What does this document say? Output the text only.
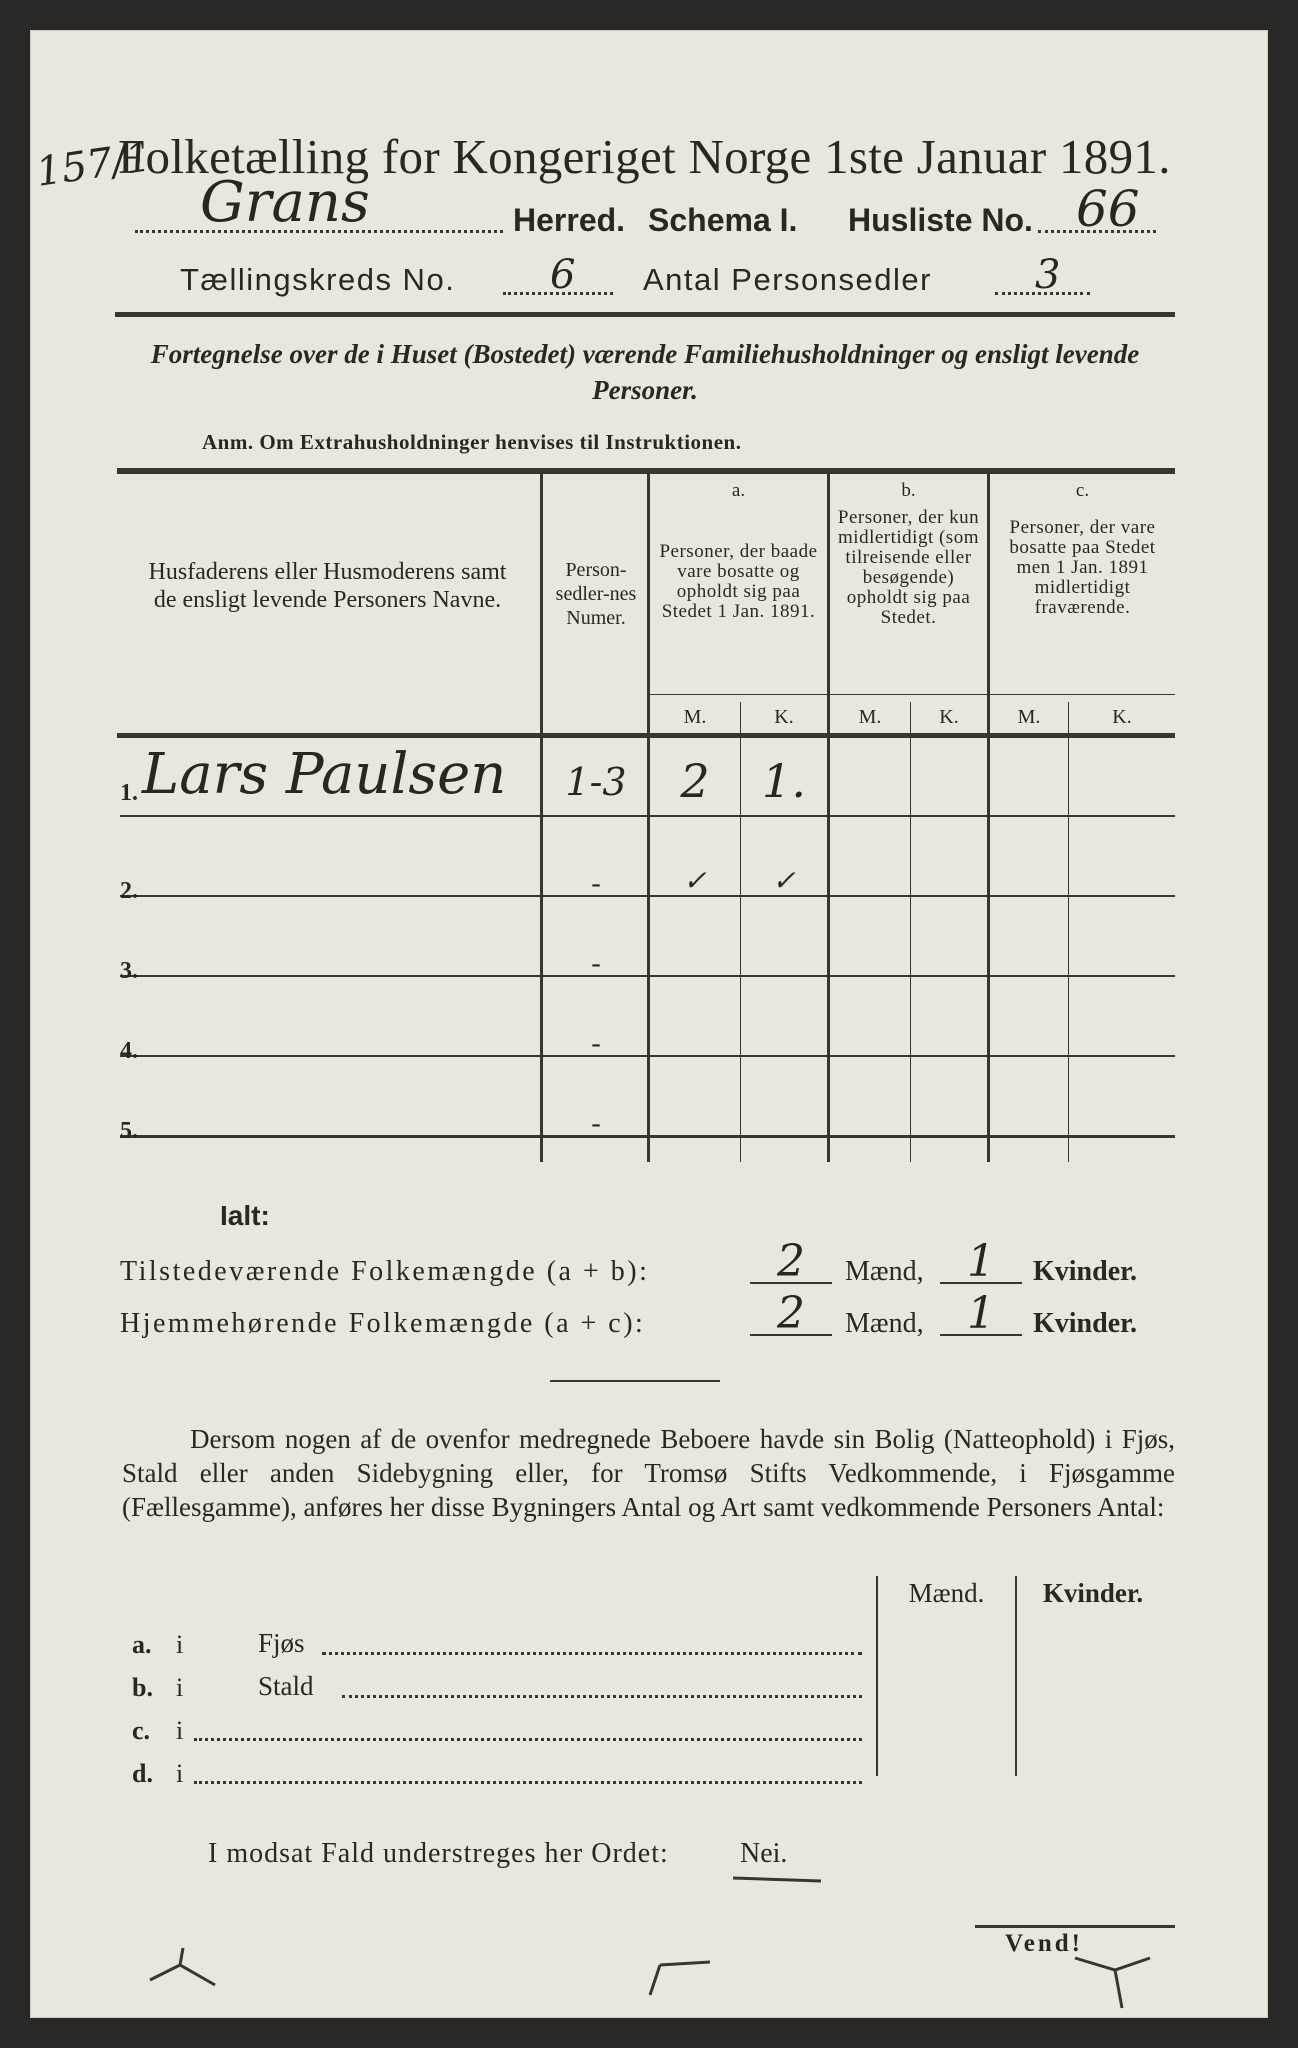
157/1
Folketælling for Kongeriget Norge 1ste Januar 1891.
Grans	Herred. Schema I. Husliste No. 66
Tællingskreds No. 6 Antal Personsedler	3
Fortegnelse over de i Huset (Bostedet) værende Familiehusholdninger og ensligt levende Personer.
Anm. Om Extrahusholdninger henvises til Instruktionen.
Husfaderens eller Husmoderens samt de ensligt levende Personers Navne.
Person-sedler-nes Numer.
a.
Personer, der baade vare bosatte og opholdt sig paa Stedet 1 Jan. 1891.
b.
Personer, der kun midlertidigt (som tilreisende eller besøgende) opholdt sig paa Stedet.
c.
Personer, der vare bosatte paa Stedet men 1 Jan. 1891 midlertidigt fraværende.
M.	K.	M.	K.	M.	K.
1. Lars Paulsen	1-3	2	1.
2.	-	✓	✓
3.	-
4.	-
5.	-
Ialt:
Tilstedeværende Folkemængde (a + b):	2	Mænd, 1	Kvinder.
Hjemmehørende Folkemængde (a + c):	2	Mænd, 1	Kvinder.
Dersom nogen af de ovenfor medregnede Beboere havde sin Bolig (Natteophold) i Fjøs, Stald eller anden Sidebygning eller, for Tromsø Stifts Vedkommende, i Fjøsgamme (Fællesgamme), anføres her disse Bygningers Antal og Art samt vedkommende Personers Antal:
Mænd.	Kvinder.
a. i	Fjøs
b. i	Stald
c. i
d. i
I modsat Fald understreges her Ordet:	Nei.
Vend!
